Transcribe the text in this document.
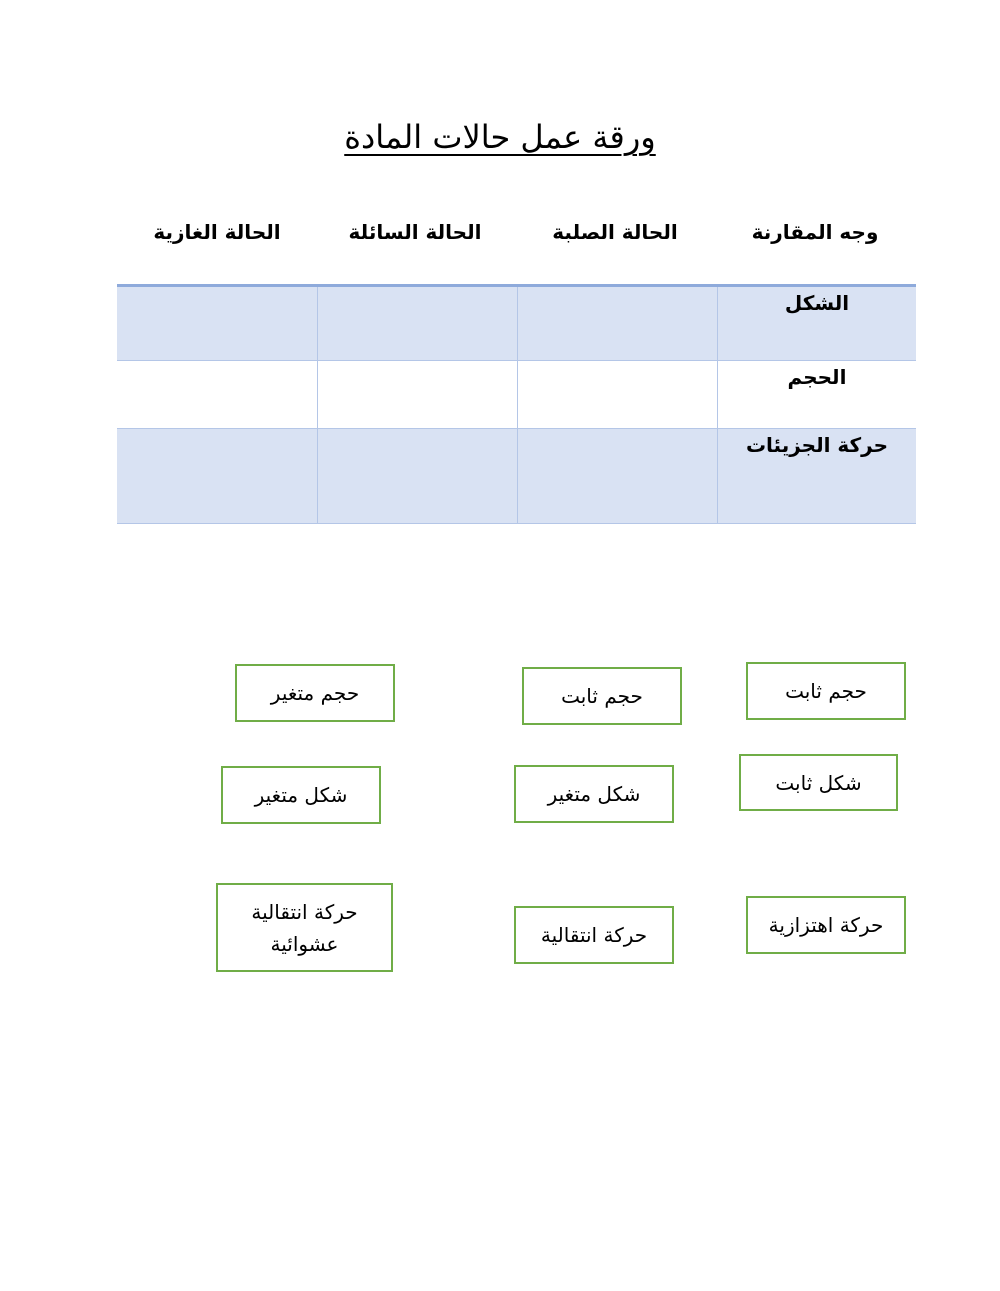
ورقة عمل حالات المادة
وجه المقارنة
الحالة الصلبة
الحالة السائلة
الحالة الغازية
الشكل
الحجم
حركة الجزيئات
حجم ثابت
حجم ثابت
حجم متغير
شكل ثابت
شكل متغير
شكل متغير
حركة اهتزازية
حركة انتقالية
حركة انتقالية
عشوائية
